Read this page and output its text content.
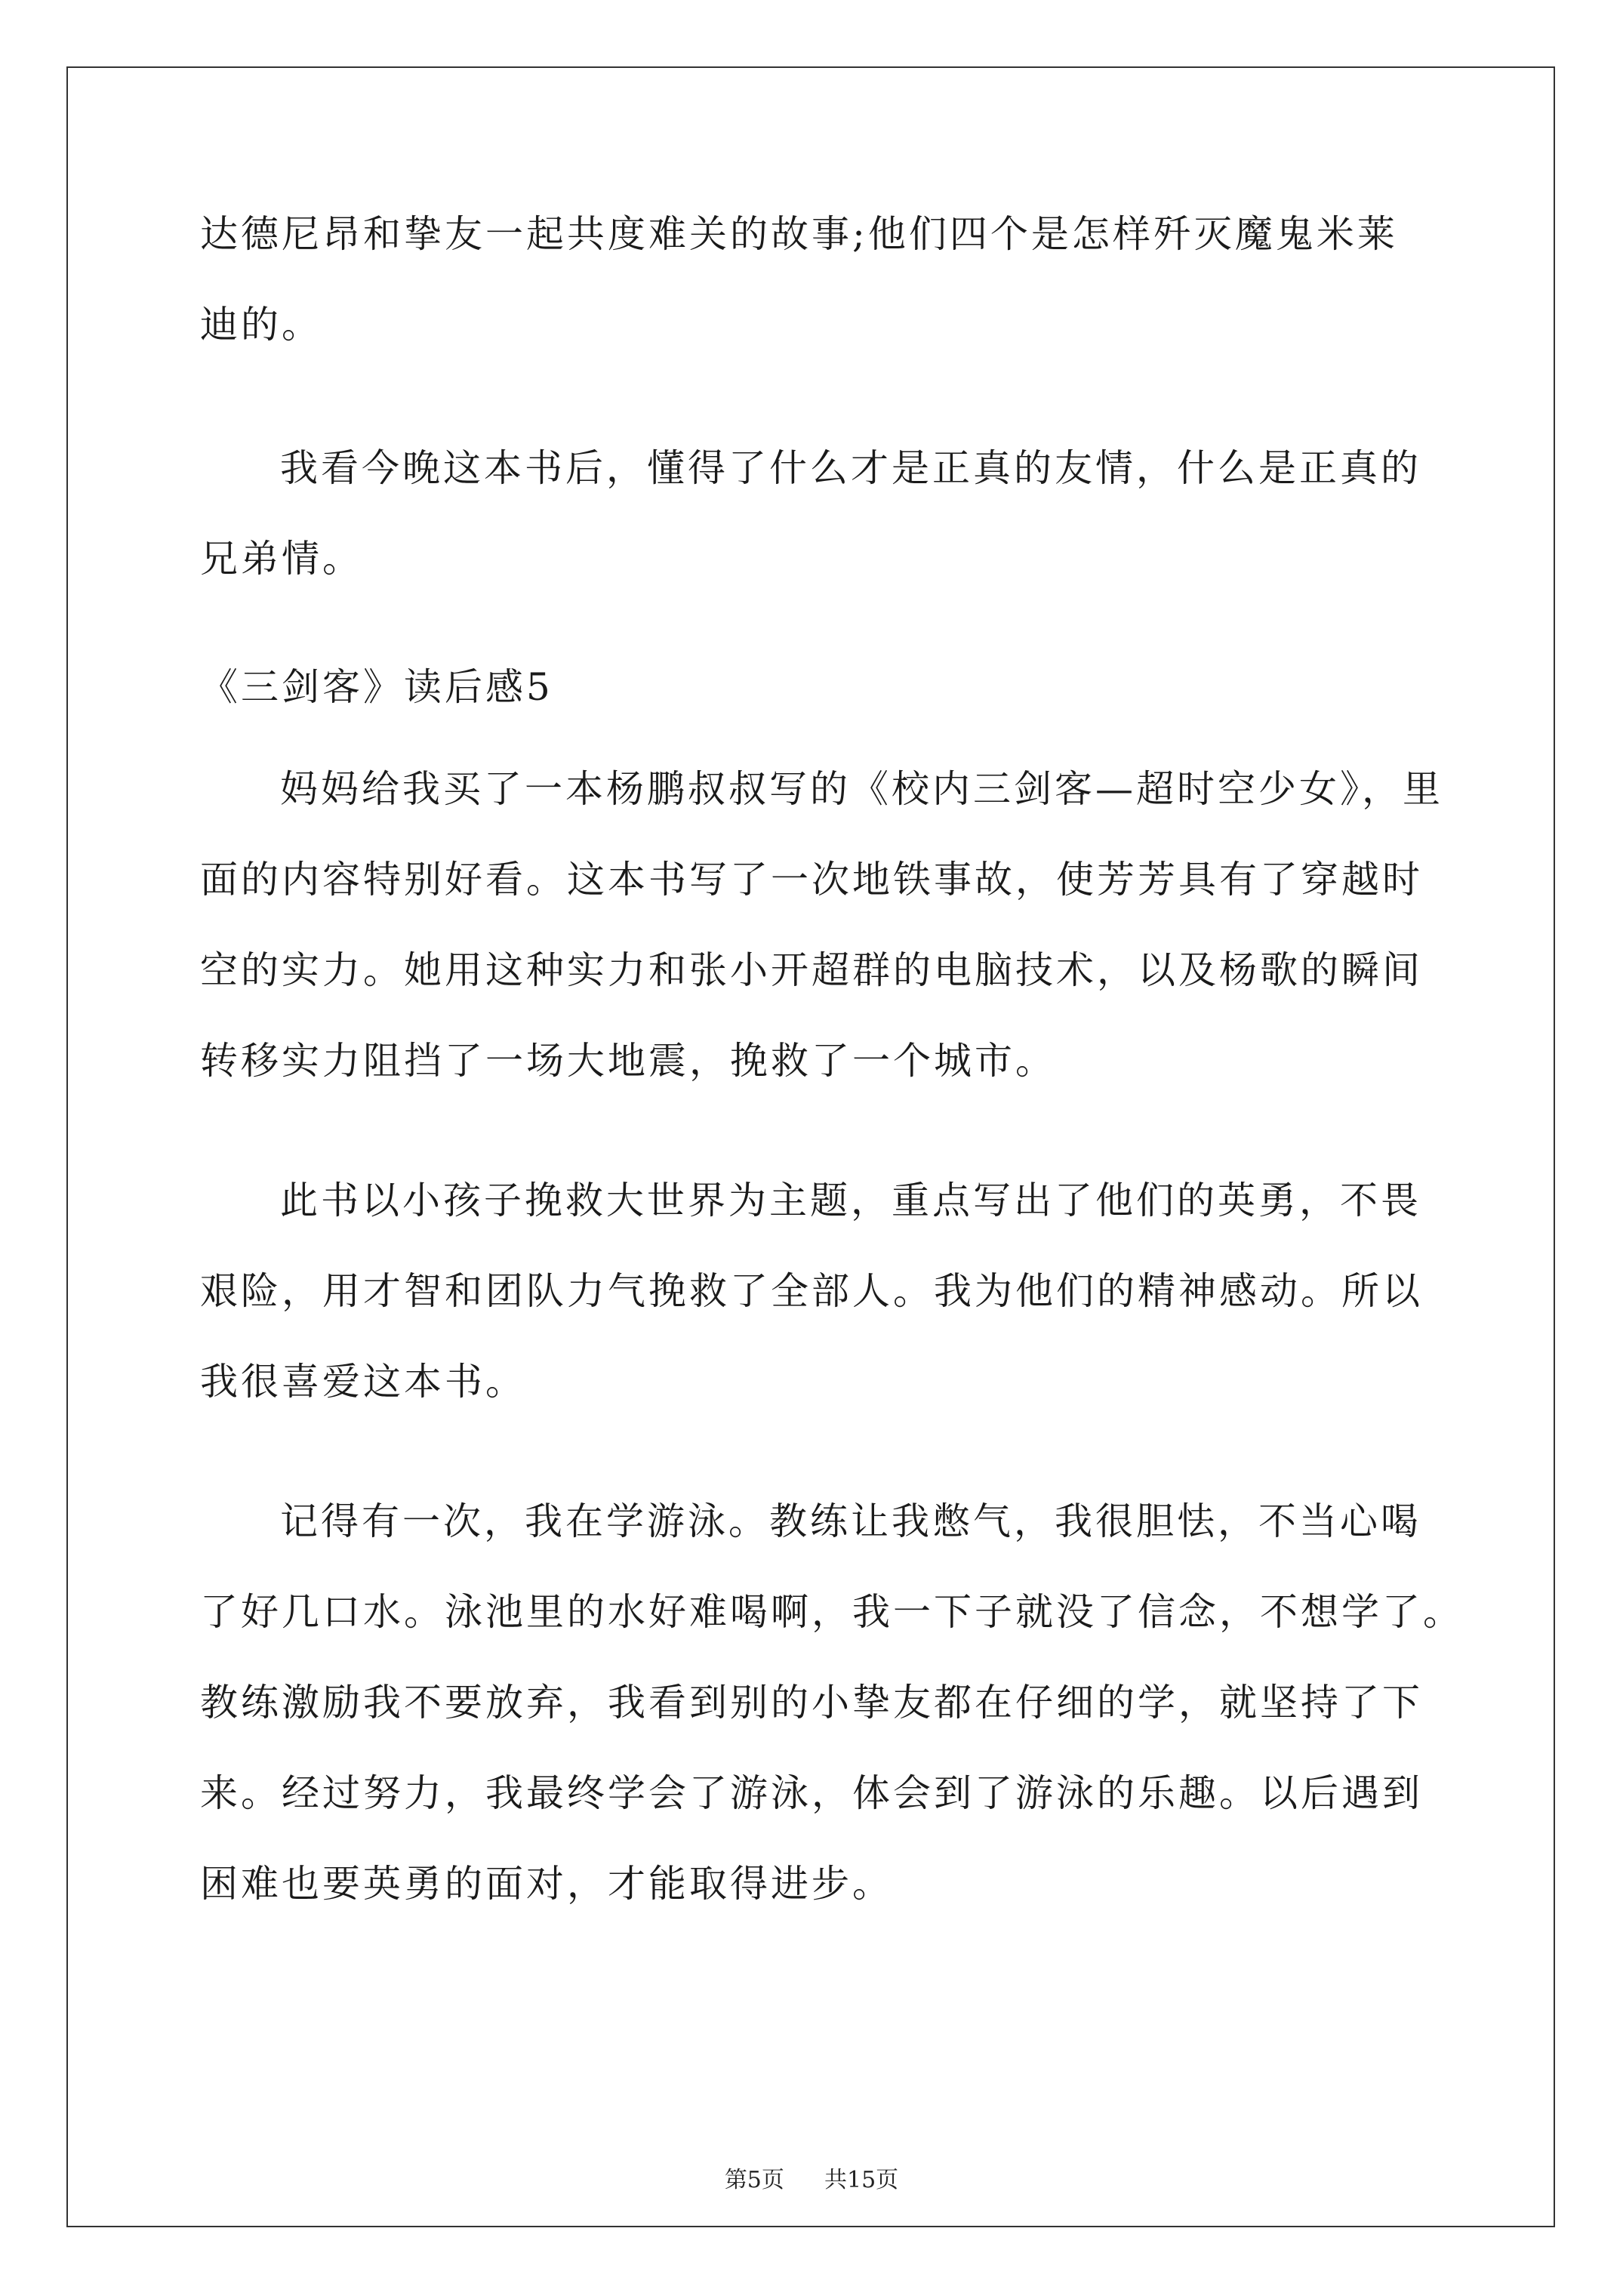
达德尼昂和挚友一起共度难关的故事;他们四个是怎样歼灭魔鬼米莱
迪的。
我看今晚这本书后，懂得了什么才是正真的友情，什么是正真的
兄弟情。
《三剑客》读后感5
妈妈给我买了一本杨鹏叔叔写的《校内三剑客—超时空少女》，里
面的内容特别好看。这本书写了一次地铁事故，使芳芳具有了穿越时
空的实力。她用这种实力和张小开超群的电脑技术，以及杨歌的瞬间
转移实力阻挡了一场大地震，挽救了一个城市。
此书以小孩子挽救大世界为主题，重点写出了他们的英勇，不畏
艰险，用才智和团队力气挽救了全部人。我为他们的精神感动。所以
我很喜爱这本书。
记得有一次，我在学游泳。教练让我憋气，我很胆怯，不当心喝
了好几口水。泳池里的水好难喝啊，我一下子就没了信念，不想学了。
教练激励我不要放弃，我看到别的小挚友都在仔细的学，就坚持了下
来。经过努力，我最终学会了游泳，体会到了游泳的乐趣。以后遇到
困难也要英勇的面对，才能取得进步。
第5页 共15页
